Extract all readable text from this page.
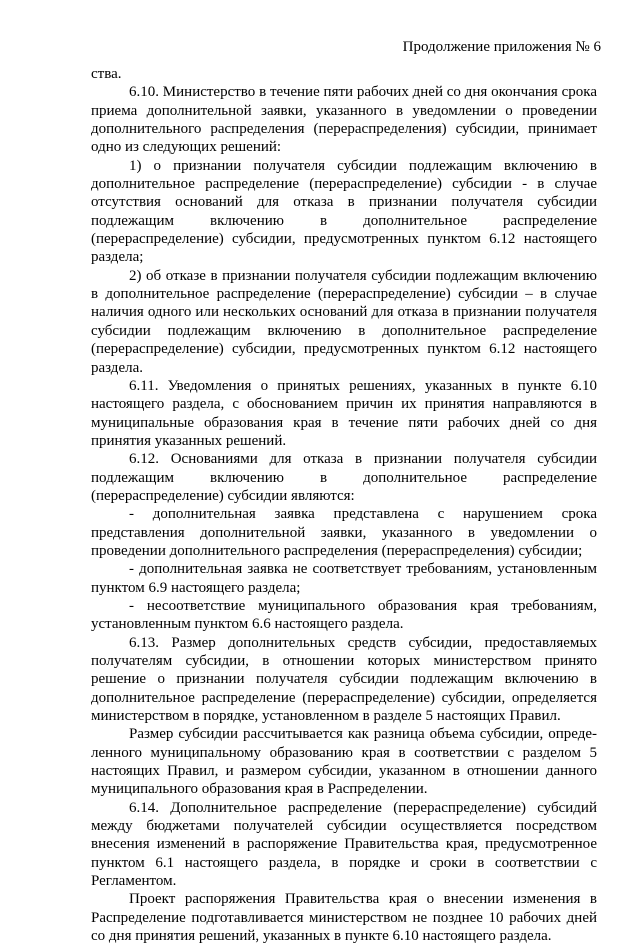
Продолжение приложения № 6

ства.

6.10. Министерство в течение пяти рабочих дней со дня окончания срока приема дополнительной заявки, указанного в уведомлении о проведении дополнительного распределения (перераспределения) субсидии, принимает одно из следующих решений:

1) о признании получателя субсидии подлежащим включению в дополнительное распределение (перераспределение) субсидии - в случае отсутствия оснований для отказа в признании получателя субсидии подлежащим включению в дополнительное распределение (перераспределение) субсидии, предусмотренных пунктом 6.12 настоящего раздела;

2) об отказе в признании получателя субсидии подлежащим включению в дополнительное распределение (перераспределение) субсидии – в случае наличия одного или нескольких оснований для отказа в признании получателя субсидии подлежащим включению в дополнительное распределение (перераспределение) субсидии, предусмотренных пунктом 6.12 настоящего раздела.

6.11. Уведомления о принятых решениях, указанных в пункте 6.10 настоящего раздела, с обоснованием причин их принятия направляются в муниципальные образования края в течение пяти рабочих дней со дня принятия указанных решений.

6.12. Основаниями для отказа в признании получателя субсидии подлежащим включению в дополнительное распределение (перераспределение) субсидии являются:

- дополнительная заявка представлена с нарушением срока представления дополнительной заявки, указанного в уведомлении о проведении дополнительного распределения (перераспределения) субсидии;

- дополнительная заявка не соответствует требованиям, установленным пунктом 6.9 настоящего раздела;

- несоответствие муниципального образования края требованиям, установленным пунктом 6.6 настоящего раздела.

6.13. Размер дополнительных средств субсидии, предоставляемых получателям субсидии, в отношении которых министерством принято решение о признании получателя субсидии подлежащим включению в дополнительное распределение (перераспределение) субсидии, определяется министерством в порядке, установленном в разделе 5 настоящих Правил.

Размер субсидии рассчитывается как разница объема субсидии, определенного муниципальному образованию края в соответствии с разделом 5 настоящих Правил, и размером субсидии, указанном в отношении данного муниципального образования края в Распределении.

6.14. Дополнительное распределение (перераспределение) субсидий между бюджетами получателей субсидии осуществляется посредством внесения изменений в распоряжение Правительства края, предусмотренное пунктом 6.1 настоящего раздела, в порядке и сроки в соответствии с Регламентом.

Проект распоряжения Правительства края о внесении изменения в Распределение подготавливается министерством не позднее 10 рабочих дней со дня принятия решений, указанных в пункте 6.10 настоящего раздела.
